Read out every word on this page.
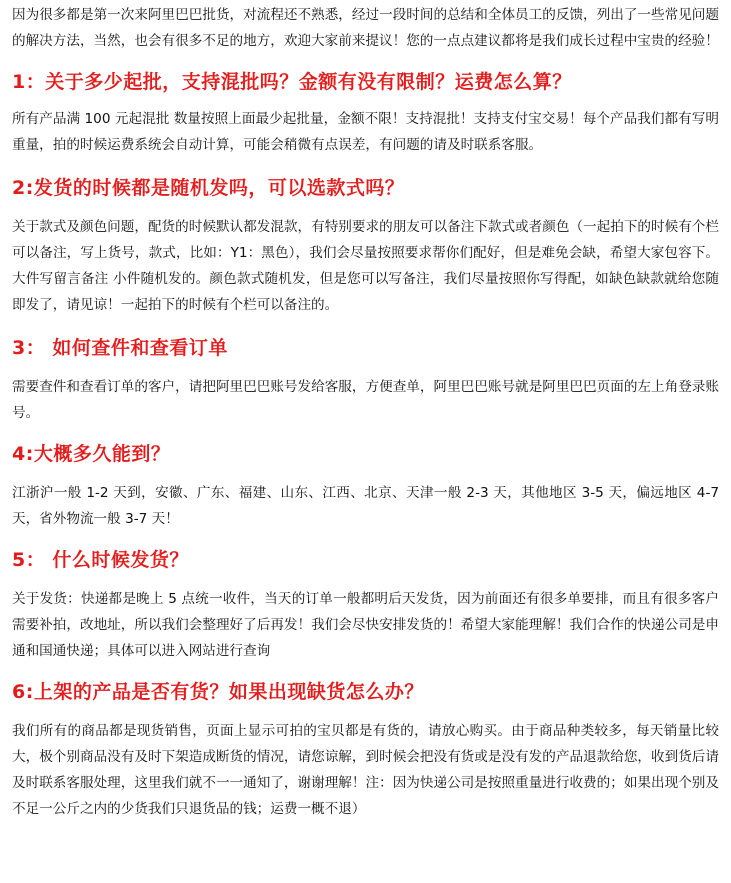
因为很多都是第一次来阿里巴巴批货，对流程还不熟悉，经过一段时间的总结和全体员工的反馈，列出了一些常见问题的解决方法，当然，也会有很多不足的地方，欢迎大家前来提议！您的一点点建议都将是我们成长过程中宝贵的经验！

1：关于多少起批，支持混批吗？金额有没有限制？运费怎么算？

所有产品满 100 元起混批 数量按照上面最少起批量，金额不限！支持混批！支持支付宝交易！每个产品我们都有写明重量，拍的时候运费系统会自动计算，可能会稍微有点误差，有问题的请及时联系客服。

2:发货的时候都是随机发吗，可以选款式吗？

关于款式及颜色问题，配货的时候默认都发混款，有特别要求的朋友可以备注下款式或者颜色（一起拍下的时候有个栏可以备注，写上货号，款式，比如：Y1：黑色），我们会尽量按照要求帮你们配好，但是难免会缺，希望大家包容下。大件写留言备注 小件随机发的。颜色款式随机发，但是您可以写备注，我们尽量按照你写得配，如缺色缺款就给您随即发了，请见谅！一起拍下的时候有个栏可以备注的。

3： 如何查件和查看订单

需要查件和查看订单的客户，请把阿里巴巴账号发给客服，方便查单，阿里巴巴账号就是阿里巴巴页面的左上角登录账号。

4:大概多久能到？

江浙沪一般 1-2 天到，安徽、广东、福建、山东、江西、北京、天津一般 2-3 天，其他地区 3-5 天，偏远地区 4-7 天，省外物流一般 3-7 天！

5： 什么时候发货？

关于发货：快递都是晚上 5 点统一收件，当天的订单一般都明后天发货，因为前面还有很多单要排，而且有很多客户需要补拍，改地址，所以我们会整理好了后再发！我们会尽快安排发货的！希望大家能理解！我们合作的快递公司是申通和国通快递；具体可以进入网站进行查询

6:上架的产品是否有货？如果出现缺货怎么办？

我们所有的商品都是现货销售，页面上显示可拍的宝贝都是有货的，请放心购买。由于商品种类较多，每天销量比较大，极个别商品没有及时下架造成断货的情况，请您谅解，到时候会把没有货或是没有发的产品退款给您，收到货后请及时联系客服处理，这里我们就不一一通知了，谢谢理解！注：因为快递公司是按照重量进行收费的；如果出现个别及不足一公斤之内的少货我们只退货品的钱；运费一概不退）
